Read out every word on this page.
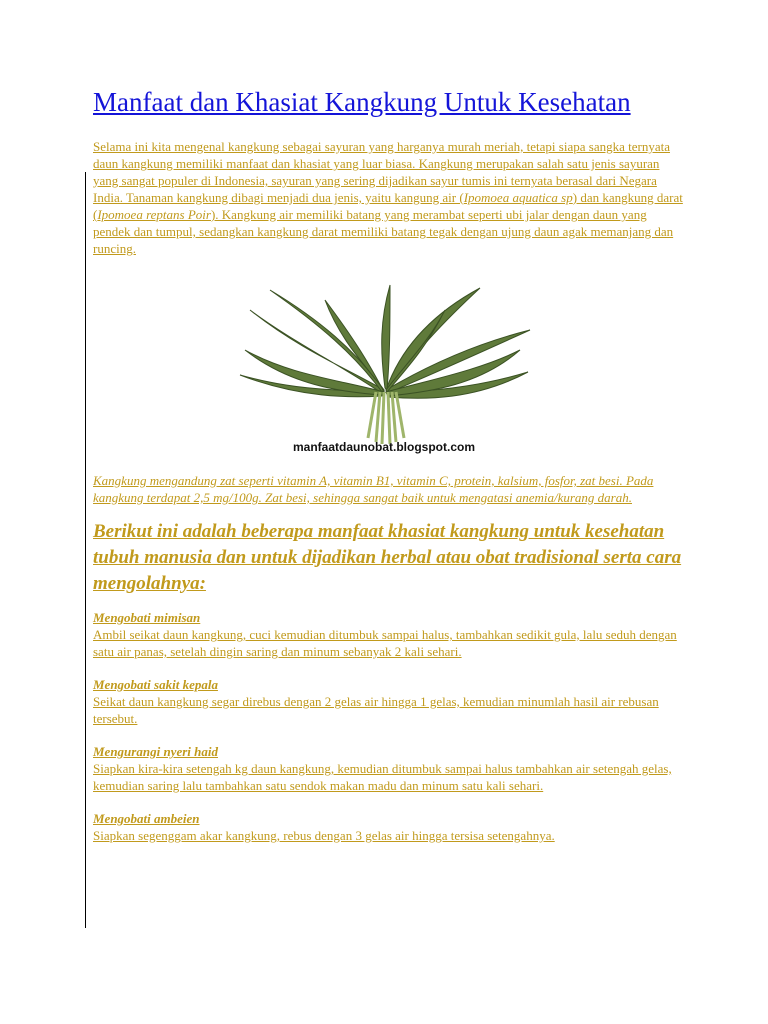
Manfaat dan Khasiat Kangkung Untuk Kesehatan
Selama ini kita mengenal kangkung sebagai sayuran yang harganya murah meriah, tetapi siapa sangka ternyata daun kangkung memiliki manfaat dan khasiat yang luar biasa. Kangkung merupakan salah satu jenis sayuran yang sangat populer di Indonesia, sayuran yang sering dijadikan sayur tumis ini ternyata berasal dari Negara India. Tanaman kangkung dibagi menjadi dua jenis, yaitu kangung air (Ipomoea aquatica sp) dan kangkung darat (Ipomoea reptans Poir). Kangkung air memiliki batang yang merambat seperti ubi jalar dengan daun yang pendek dan tumpul, sedangkan kangkung darat memiliki batang tegak dengan ujung daun agak memanjang dan runcing.
manfaatdaunobat.blogspot.com
Kangkung mengandung zat seperti vitamin A, vitamin B1, vitamin C, protein, kalsium, fosfor, zat besi. Pada kangkung terdapat 2,5 mg/100g. Zat besi, sehingga sangat baik untuk mengatasi anemia/kurang darah.
Berikut ini adalah beberapa manfaat khasiat kangkung untuk kesehatan tubuh manusia dan untuk dijadikan herbal atau obat tradisional serta cara mengolahnya:
Mengobati mimisan
Ambil seikat daun kangkung, cuci kemudian ditumbuk sampai halus, tambahkan sedikit gula, lalu seduh dengan satu air panas, setelah dingin saring dan minum sebanyak 2 kali sehari.
Mengobati sakit kepala
Seikat daun kangkung segar direbus dengan 2 gelas air hingga 1 gelas, kemudian minumlah hasil air rebusan tersebut.
Mengurangi nyeri haid
Siapkan kira-kira setengah kg daun kangkung, kemudian ditumbuk sampai halus tambahkan air setengah gelas, kemudian saring lalu tambahkan satu sendok makan madu dan minum satu kali sehari.
Mengobati ambeien
Siapkan segenggam akar kangkung, rebus dengan 3 gelas air hingga tersisa setengahnya.
